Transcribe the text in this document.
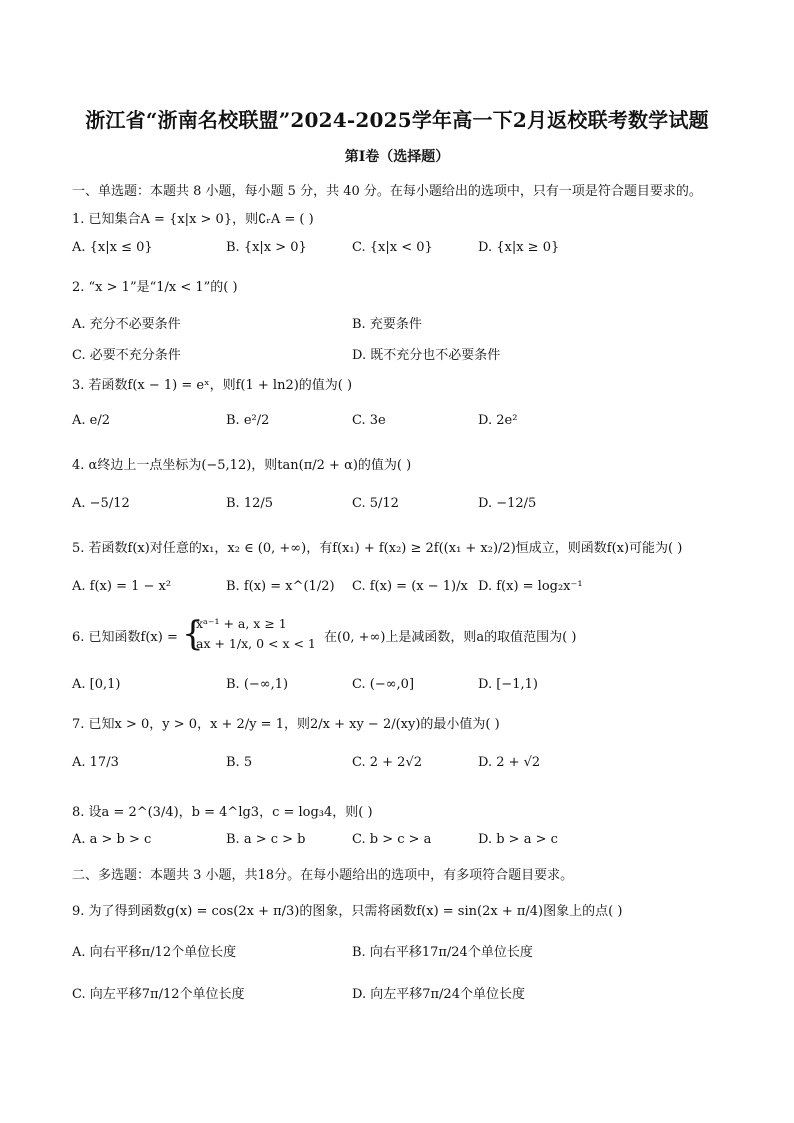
浙江省“浙南名校联盟”2024-2025学年高一下2月返校联考数学试题
第Ⅰ卷（选择题）
一、单选题：本题共 8 小题，每小题 5 分，共 40 分。在每小题给出的选项中，只有一项是符合题目要求的。
1. 已知集合A = {x|x > 0}，则∁ᵣA = ( )
A. {x|x ≤ 0}	B. {x|x > 0}	C. {x|x < 0}	D. {x|x ≥ 0}
2. “x > 1”是“1/x < 1”的( )
A. 充分不必要条件	B. 充要条件
C. 必要不充分条件	D. 既不充分也不必要条件
3. 若函数f(x − 1) = eˣ，则f(1 + ln2)的值为( )
A. e/2	B. e²/2	C. 3e	D. 2e²
4. α终边上一点坐标为(−5,12)，则tan(π/2 + α)的值为( )
A. −5/12	B. 12/5	C. 5/12	D. −12/5
5. 若函数f(x)对任意的x₁，x₂ ∈ (0, +∞)，有f(x₁) + f(x₂) ≥ 2f((x₁ + x₂)/2)恒成立，则函数f(x)可能为( )
A. f(x) = 1 − x²	B. f(x) = x^(1/2) C. f(x) = (x − 1)/x D. f(x) = log₂x⁻¹
6. 已知函数f(x) = {
xᵃ⁻¹ + a, x ≥ 1
ax + 1/x, 0 < x < 1 在(0, +∞)上是减函数，则a的取值范围为( )
A. [0,1)	B. (−∞,1)	C. (−∞,0]	D. [−1,1)
7. 已知x > 0，y > 0，x + 2/y = 1，则2/x + xy − 2/(xy)的最小值为( )
A. 17/3	B. 5	C. 2 + 2√2	D. 2 + √2
8. 设a = 2^(3/4)，b = 4^lg3，c = log₃4，则( )
A. a > b > c	B. a > c > b	C. b > c > a	D. b > a > c
二、多选题：本题共 3 小题，共18分。在每小题给出的选项中，有多项符合题目要求。
9. 为了得到函数g(x) = cos(2x + π/3)的图象，只需将函数f(x) = sin(2x + π/4)图象上的点( )
A. 向右平移π/12个单位长度	B. 向右平移17π/24个单位长度
C. 向左平移7π/12个单位长度	D. 向左平移7π/24个单位长度
